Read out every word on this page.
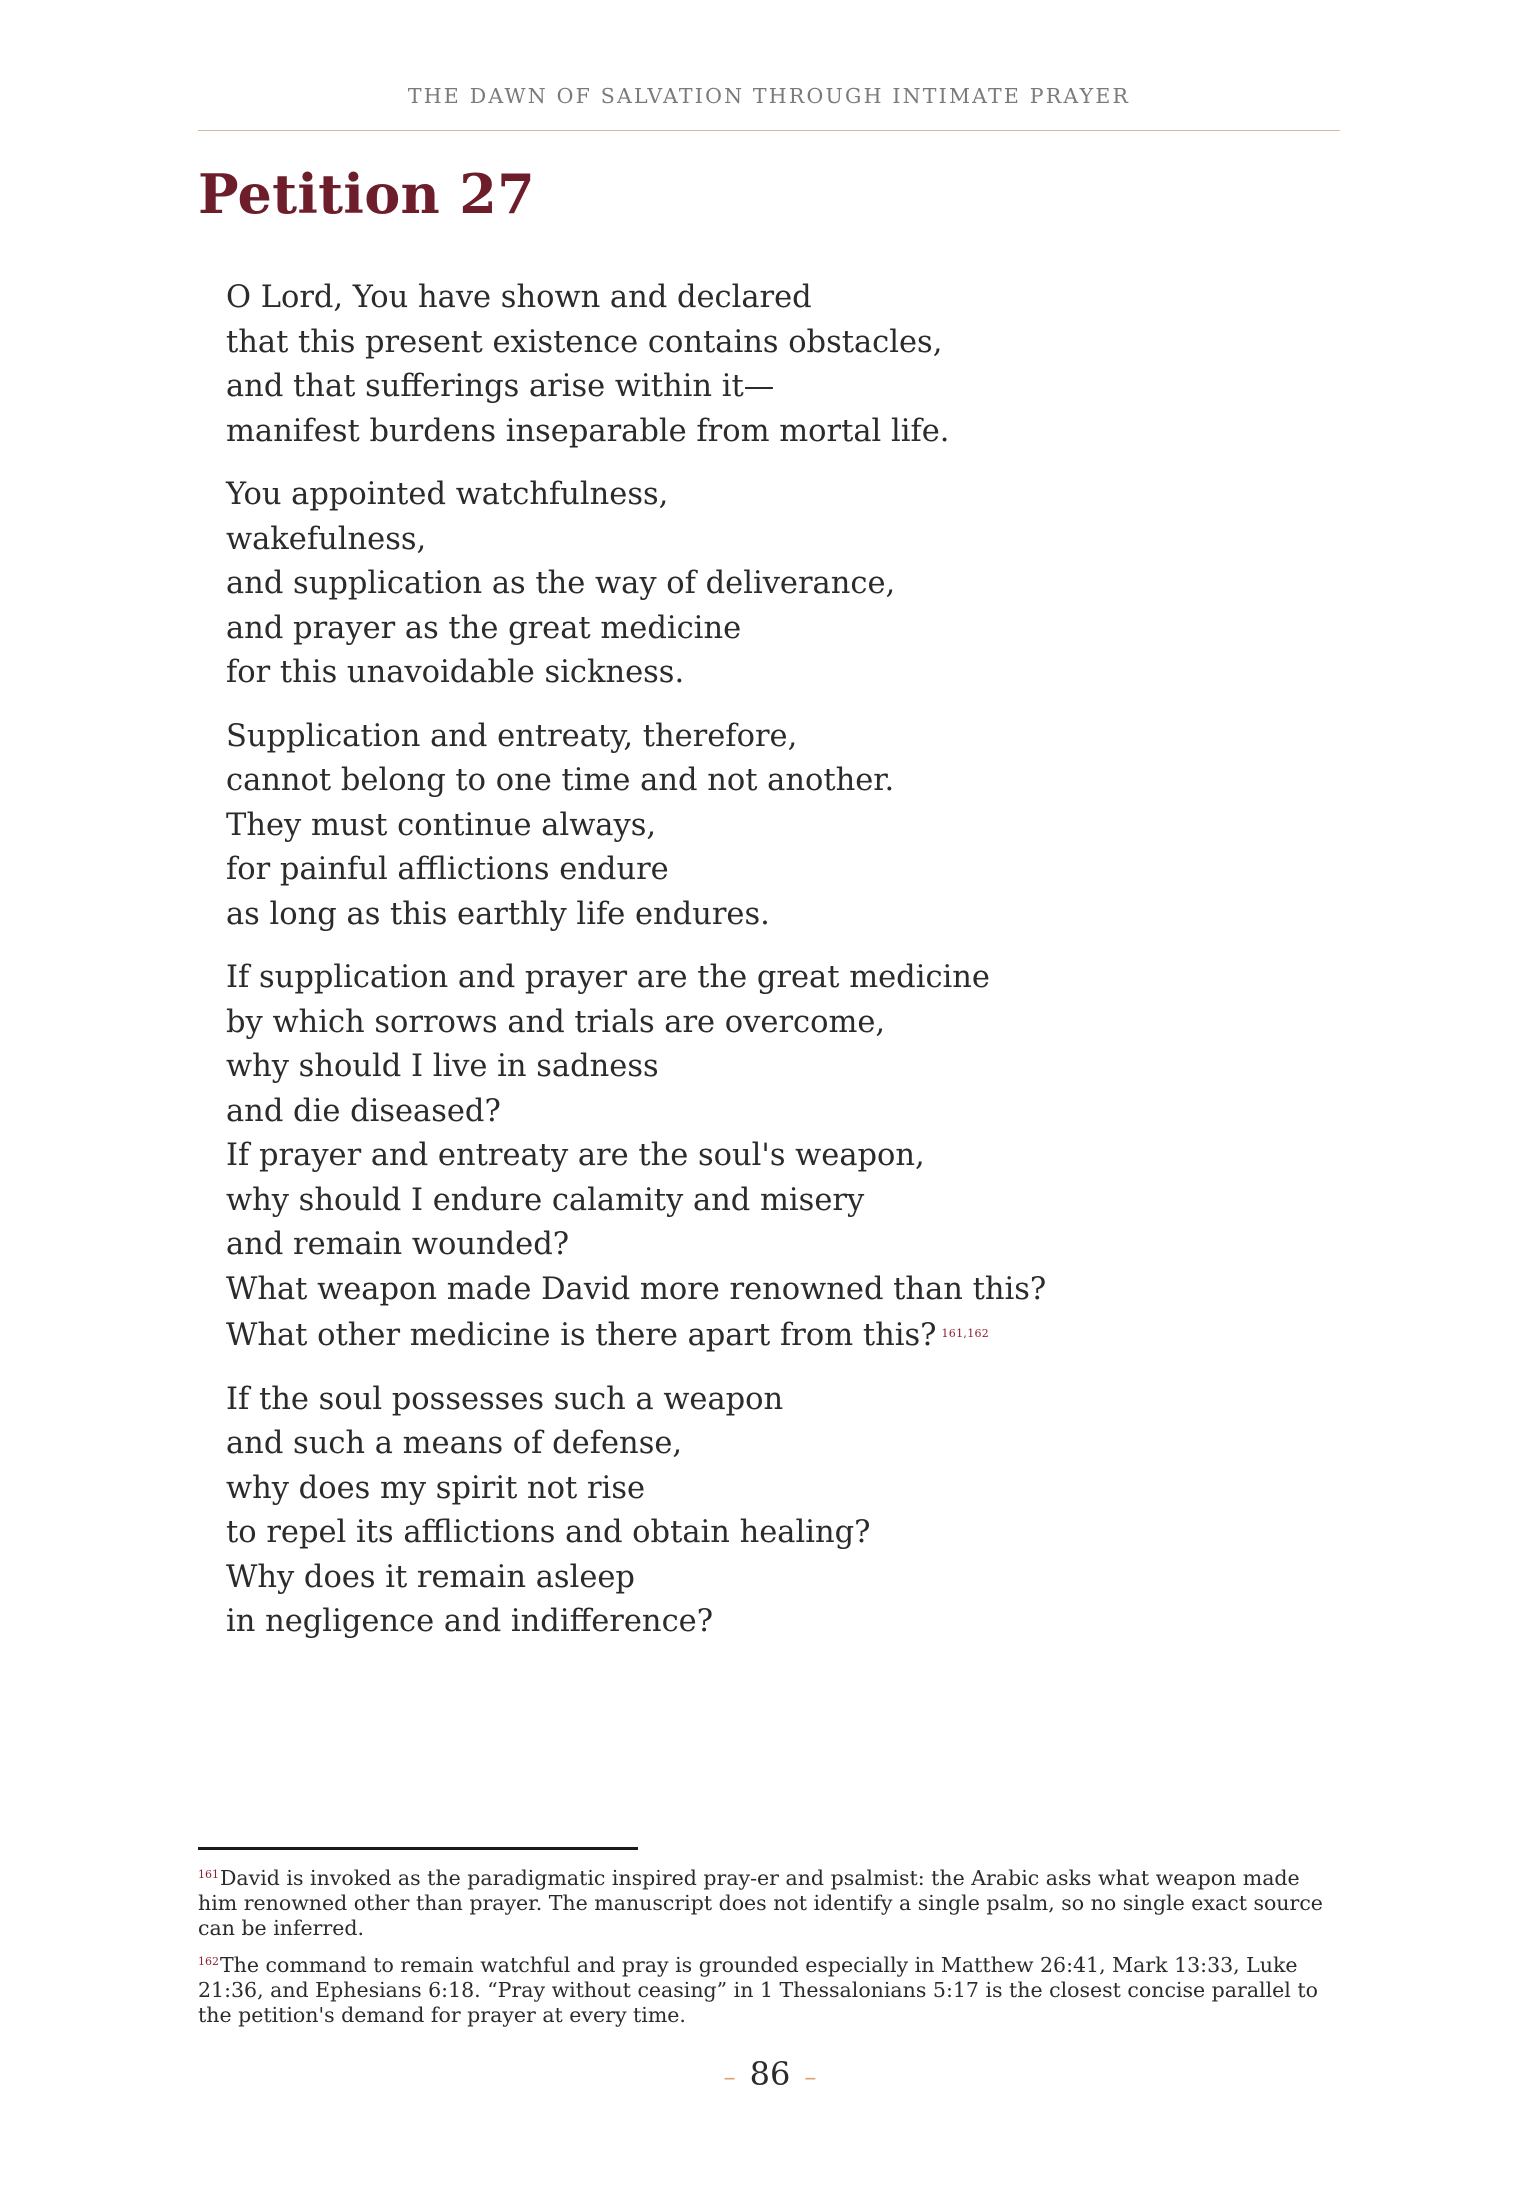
THE DAWN OF SALVATION THROUGH INTIMATE PRAYER
Petition 27
O Lord, You have shown and declared
that this present existence contains obstacles,
and that sufferings arise within it—
manifest burdens inseparable from mortal life.
You appointed watchfulness,
wakefulness,
and supplication as the way of deliverance,
and prayer as the great medicine
for this unavoidable sickness.
Supplication and entreaty, therefore,
cannot belong to one time and not another.
They must continue always,
for painful afflictions endure
as long as this earthly life endures.
If supplication and prayer are the great medicine
by which sorrows and trials are overcome,
why should I live in sadness
and die diseased?
If prayer and entreaty are the soul's weapon,
why should I endure calamity and misery
and remain wounded?
What weapon made David more renowned than this?
What other medicine is there apart from this? $^{161,162}$
If the soul possesses such a weapon
and such a means of defense,
why does my spirit not rise
to repel its afflictions and obtain healing?
Why does it remain asleep
in negligence and indifference?

$^{161}$David is invoked as the paradigmatic inspired pray-er and psalmist: the Arabic asks what weapon made him renowned other than prayer. The manuscript does not identify a single psalm, so no single exact source can be inferred.

$^{162}$The command to remain watchful and pray is grounded especially in Matthew 26:41, Mark 13:33, Luke 21:36, and Ephesians 6:18. “Pray without ceasing” in 1 Thessalonians 5:17 is the closest concise parallel to the petition's demand for prayer at every time.

– 86 –
